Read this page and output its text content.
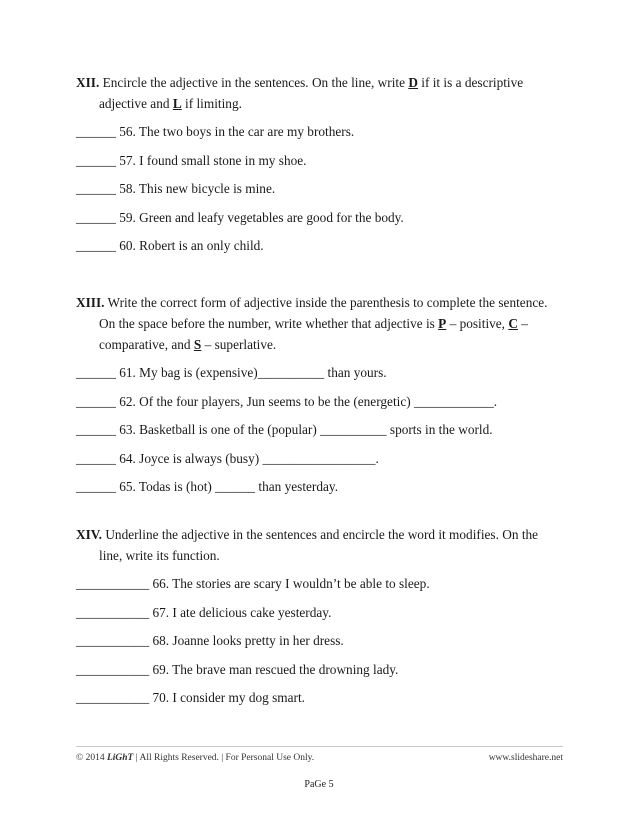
XII. Encircle the adjective in the sentences. On the line, write D if it is a descriptive
adjective and L if limiting.

______ 56. The two boys in the car are my brothers.

______ 57. I found small stone in my shoe.

______ 58. This new bicycle is mine.

______ 59. Green and leafy vegetables are good for the body.

______ 60. Robert is an only child.

XIII. Write the correct form of adjective inside the parenthesis to complete the sentence.
On the space before the number, write whether that adjective is P – positive, C –
comparative, and S – superlative.

______ 61. My bag is (expensive)__________ than yours.

______ 62. Of the four players, Jun seems to be the (energetic) ____________.

______ 63. Basketball is one of the (popular) __________ sports in the world.

______ 64. Joyce is always (busy) _________________.

______ 65. Todas is (hot) ______ than yesterday.

XIV. Underline the adjective in the sentences and encircle the word it modifies. On the
line, write its function.

___________ 66. The stories are scary I wouldn’t be able to sleep.

___________ 67. I ate delicious cake yesterday.

___________ 68. Joanne looks pretty in her dress.

___________ 69. The brave man rescued the drowning lady.

___________ 70. I consider my dog smart.

© 2014 LiGhT | All Rights Reserved. | For Personal Use Only.	www.slideshare.net
PaGe 5
